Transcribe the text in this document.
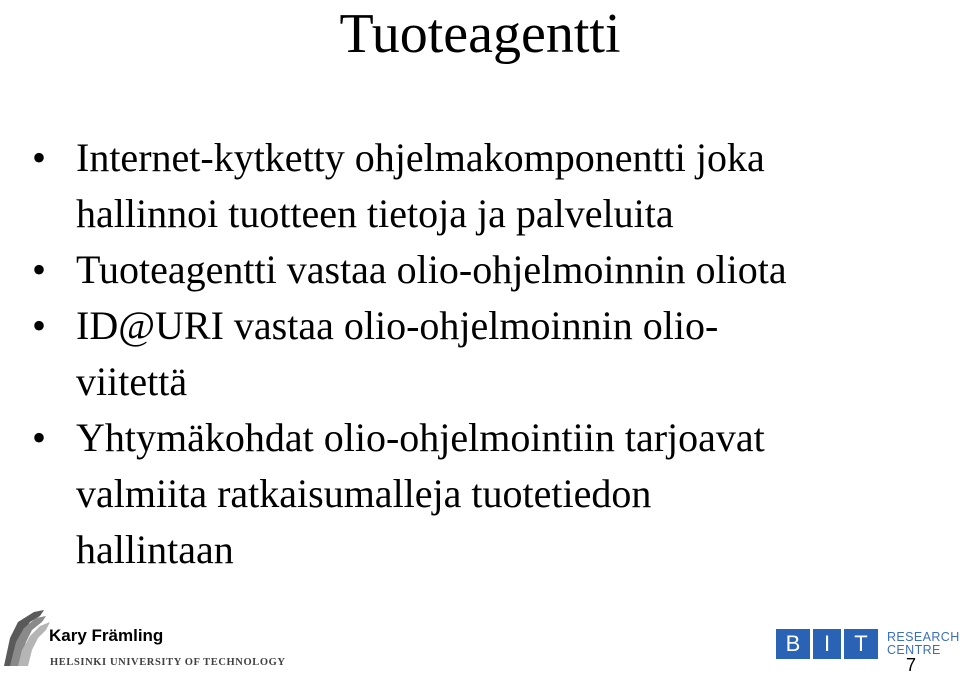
Tuoteagentti
• Internet-kytketty ohjelmakomponentti joka
hallinnoi tuotteen tietoja ja palveluita
• Tuoteagentti vastaa olio-ohjelmoinnin oliota
• ID@URI vastaa olio-ohjelmoinnin olio-
viitettä
• Yhtymäkohdat olio-ohjelmointiin tarjoavat
valmiita ratkaisumalleja tuotetiedon
hallintaan
Kary Främling
HELSINKI UNIVERSITY OF TECHNOLOGY
B	I	T	RESEARCH
CENTRE
7
